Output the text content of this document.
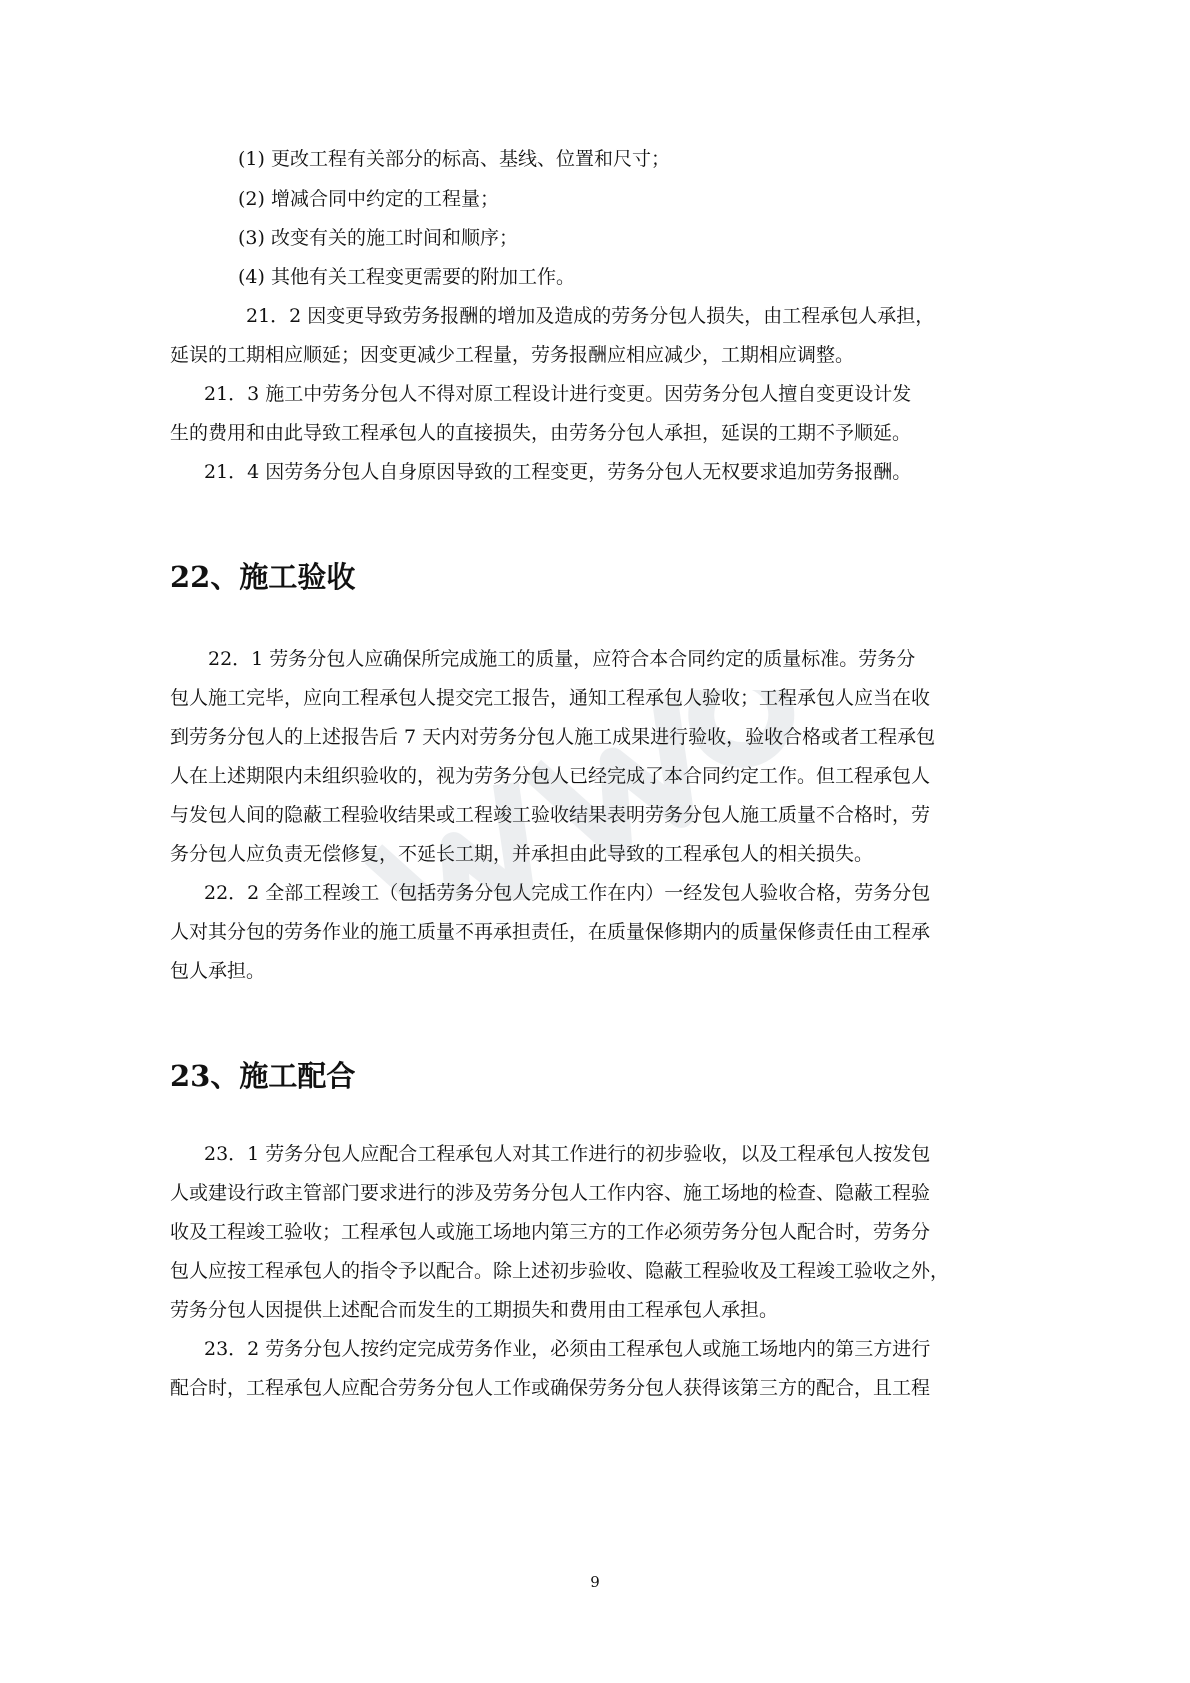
(1) 更改工程有关部分的标高、基线、位置和尺寸；
(2) 增减合同中约定的工程量；
(3) 改变有关的施工时间和顺序；
(4) 其他有关工程变更需要的附加工作。
21．2 因变更导致劳务报酬的增加及造成的劳务分包人损失，由工程承包人承担，
延误的工期相应顺延；因变更减少工程量，劳务报酬应相应减少，工期相应调整。
21．3 施工中劳务分包人不得对原工程设计进行变更。因劳务分包人擅自变更设计发
生的费用和由此导致工程承包人的直接损失，由劳务分包人承担，延误的工期不予顺延。
21．4 因劳务分包人自身原因导致的工程变更，劳务分包人无权要求追加劳务报酬。
22、施工验收
22．1 劳务分包人应确保所完成施工的质量，应符合本合同约定的质量标准。劳务分
包人施工完毕，应向工程承包人提交完工报告，通知工程承包人验收；工程承包人应当在收
到劳务分包人的上述报告后 7 天内对劳务分包人施工成果进行验收，验收合格或者工程承包
人在上述期限内未组织验收的，视为劳务分包人已经完成了本合同约定工作。但工程承包人
与发包人间的隐蔽工程验收结果或工程竣工验收结果表明劳务分包人施工质量不合格时，劳
务分包人应负责无偿修复，不延长工期，并承担由此导致的工程承包人的相关损失。
22．2 全部工程竣工（包括劳务分包人完成工作在内）一经发包人验收合格，劳务分包
人对其分包的劳务作业的施工质量不再承担责任，在质量保修期内的质量保修责任由工程承
包人承担。
23、施工配合
23．1 劳务分包人应配合工程承包人对其工作进行的初步验收，以及工程承包人按发包
人或建设行政主管部门要求进行的涉及劳务分包人工作内容、施工场地的检查、隐蔽工程验
收及工程竣工验收；工程承包人或施工场地内第三方的工作必须劳务分包人配合时，劳务分
包人应按工程承包人的指令予以配合。除上述初步验收、隐蔽工程验收及工程竣工验收之外，
劳务分包人因提供上述配合而发生的工期损失和费用由工程承包人承担。
23．2 劳务分包人按约定完成劳务作业，必须由工程承包人或施工场地内的第三方进行
配合时，工程承包人应配合劳务分包人工作或确保劳务分包人获得该第三方的配合，且工程
9
